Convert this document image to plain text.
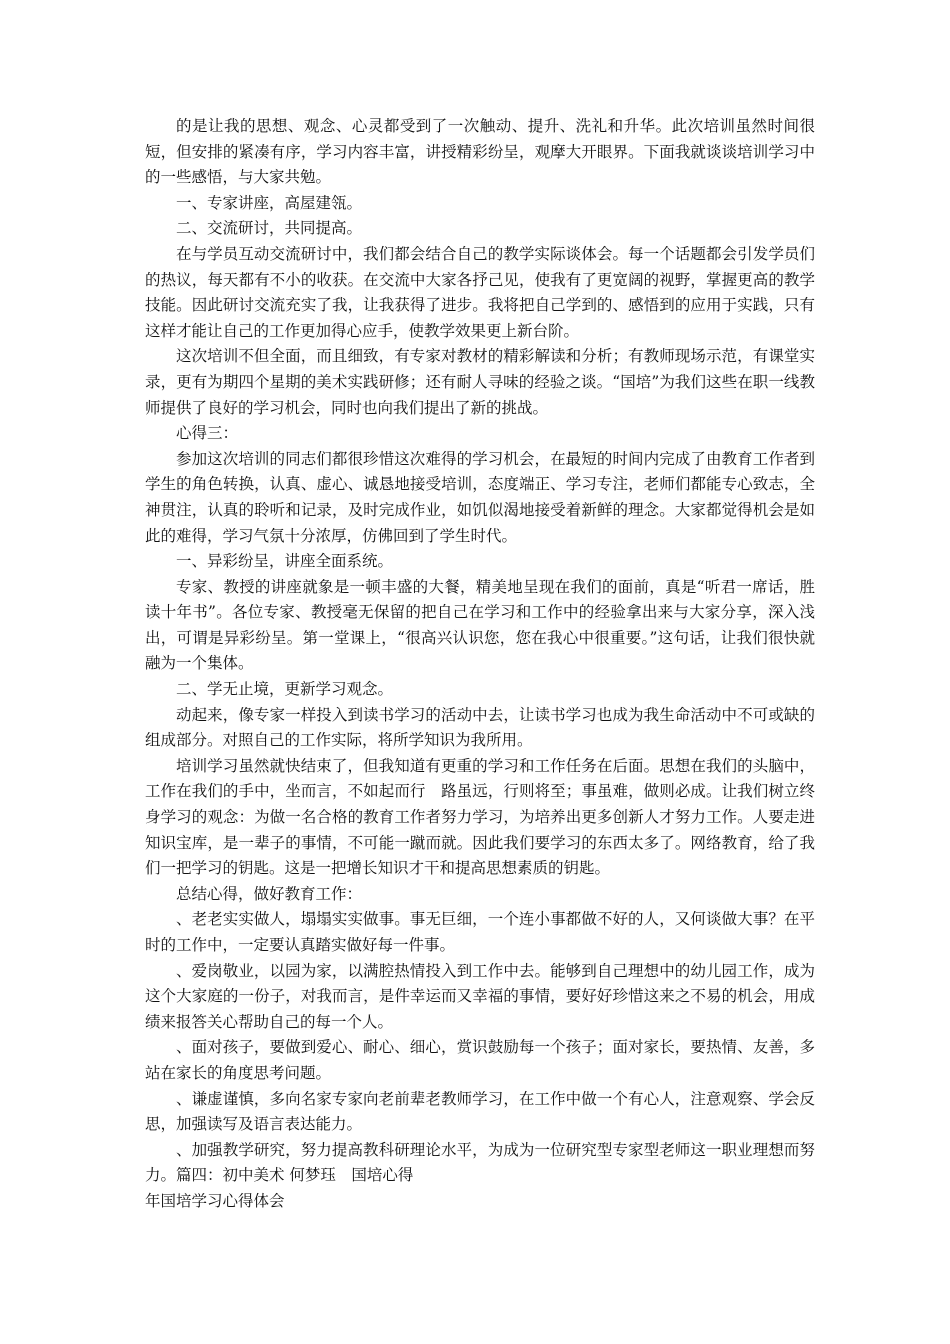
的是让我的思想、观念、心灵都受到了一次触动、提升、洗礼和升华。此次培训虽然时间很短，但安排的紧凑有序，学习内容丰富，讲授精彩纷呈，观摩大开眼界。下面我就谈谈培训学习中的一些感悟，与大家共勉。

一、专家讲座，高屋建瓴。

二、交流研讨，共同提高。

在与学员互动交流研讨中，我们都会结合自己的教学实际谈体会。每一个话题都会引发学员们的热议，每天都有不小的收获。在交流中大家各抒己见，使我有了更宽阔的视野，掌握更高的教学技能。因此研讨交流充实了我，让我获得了进步。我将把自己学到的、感悟到的应用于实践，只有这样才能让自己的工作更加得心应手，使教学效果更上新台阶。

这次培训不但全面，而且细致，有专家对教材的精彩解读和分析；有教师现场示范，有课堂实录，更有为期四个星期的美术实践研修；还有耐人寻味的经验之谈。“国培”为我们这些在职一线教师提供了良好的学习机会，同时也向我们提出了新的挑战。

心得三：

参加这次培训的同志们都很珍惜这次难得的学习机会，在最短的时间内完成了由教育工作者到学生的角色转换，认真、虚心、诚恳地接受培训，态度端正、学习专注，老师们都能专心致志，全神贯注，认真的聆听和记录，及时完成作业，如饥似渴地接受着新鲜的理念。大家都觉得机会是如此的难得，学习气氛十分浓厚，仿佛回到了学生时代。

一、异彩纷呈，讲座全面系统。

专家、教授的讲座就象是一顿丰盛的大餐，精美地呈现在我们的面前，真是“听君一席话，胜读十年书”。各位专家、教授毫无保留的把自己在学习和工作中的经验拿出来与大家分享，深入浅出，可谓是异彩纷呈。第一堂课上，“很高兴认识您，您在我心中很重要。”这句话，让我们很快就融为一个集体。

二、学无止境，更新学习观念。

动起来，像专家一样投入到读书学习的活动中去，让读书学习也成为我生命活动中不可或缺的组成部分。对照自己的工作实际，将所学知识为我所用。

培训学习虽然就快结束了，但我知道有更重的学习和工作任务在后面。思想在我们的头脑中，工作在我们的手中，坐而言，不如起而行　路虽远，行则将至；事虽难，做则必成。让我们树立终身学习的观念：为做一名合格的教育工作者努力学习，为培养出更多创新人才努力工作。人要走进知识宝库，是一辈子的事情，不可能一蹴而就。因此我们要学习的东西太多了。网络教育，给了我们一把学习的钥匙。这是一把增长知识才干和提高思想素质的钥匙。

总结心得，做好教育工作：

、老老实实做人，塌塌实实做事。事无巨细，一个连小事都做不好的人，又何谈做大事？在平时的工作中，一定要认真踏实做好每一件事。

、爱岗敬业，以园为家，以满腔热情投入到工作中去。能够到自己理想中的幼儿园工作，成为这个大家庭的一份子，对我而言，是件幸运而又幸福的事情，要好好珍惜这来之不易的机会，用成绩来报答关心帮助自己的每一个人。

、面对孩子，要做到爱心、耐心、细心，赏识鼓励每一个孩子；面对家长，要热情、友善，多站在家长的角度思考问题。

、谦虚谨慎，多向名家专家向老前辈老教师学习，在工作中做一个有心人，注意观察、学会反思，加强读写及语言表达能力。

、加强教学研究，努力提高教科研理论水平，为成为一位研究型专家型老师这一职业理想而努力。篇四：初中美术 何梦珏　国培心得

年国培学习心得体会
